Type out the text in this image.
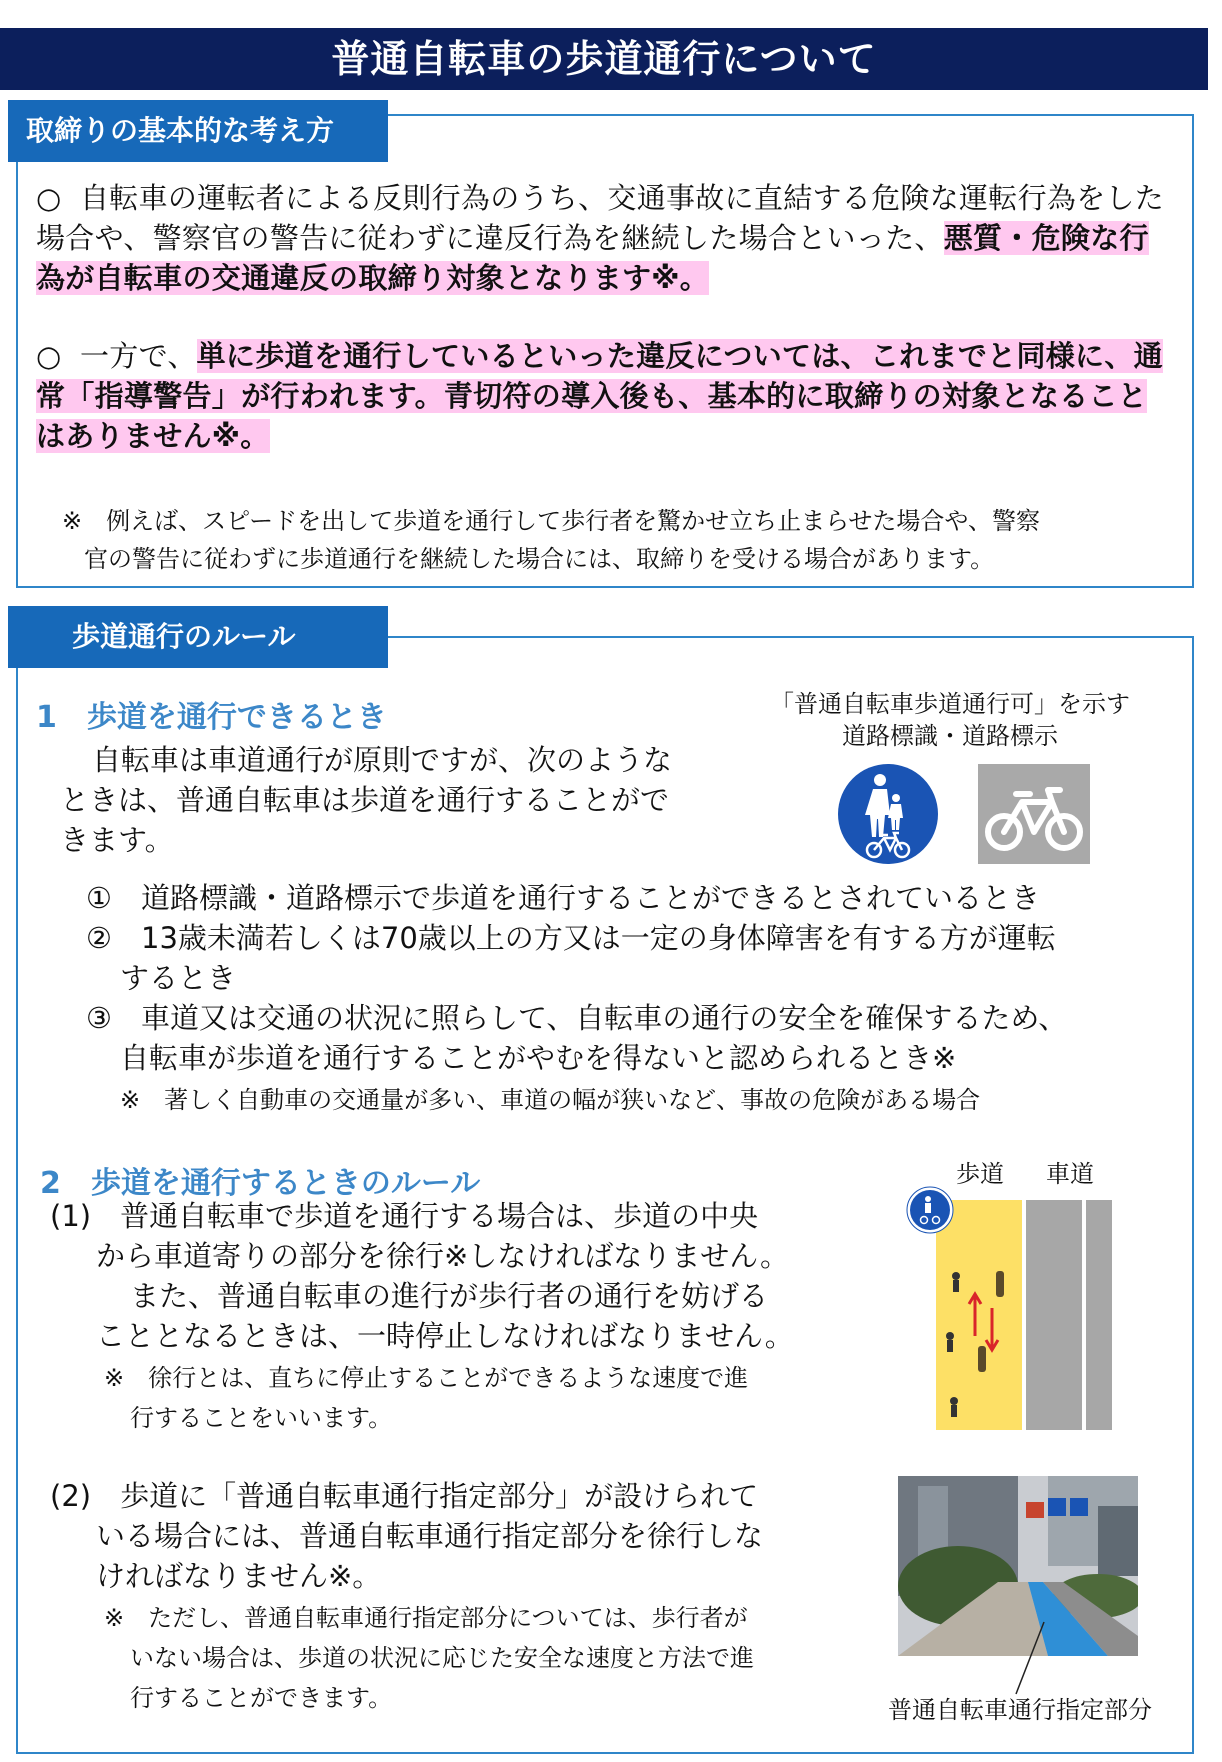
普通自転車の歩道通行について
取締りの基本的な考え方
○ 自転車の運転者による反則行為のうち、交通事故に直結する危険な運転行為をした場合や、警察官の警告に従わずに違反行為を継続した場合といった、悪質・危険な行為が自転車の交通違反の取締り対象となります※。
○ 一方で、単に歩道を通行しているといった違反については、これまでと同様に、通常「指導警告」が行われます。青切符の導入後も、基本的に取締りの対象となることはありません※。
※　例えば、スピードを出して歩道を通行して歩行者を驚かせ立ち止まらせた場合や、警察
官の警告に従わずに歩道通行を継続した場合には、取締りを受ける場合があります。
歩道通行のルール
1　歩道を通行できるとき
自転車は車道通行が原則ですが、次のような
ときは、普通自転車は歩道を通行することがで
きます。
「普通自転車歩道通行可」を示す
道路標識・道路標示
①　道路標識・道路標示で歩道を通行することができるとされているとき
②　13歳未満若しくは70歳以上の方又は一定の身体障害を有する方が運転
するとき
③　車道又は交通の状況に照らして、自転車の通行の安全を確保するため、
自転車が歩道を通行することがやむを得ないと認められるとき※
※　著しく自動車の交通量が多い、車道の幅が狭いなど、事故の危険がある場合
2　歩道を通行するときのルール	歩道	車道
(1)　普通自転車で歩道を通行する場合は、歩道の中央
から車道寄りの部分を徐行※しなければなりません。
また、普通自転車の進行が歩行者の通行を妨げる
こととなるときは、一時停止しなければなりません。
※　徐行とは、直ちに停止することができるような速度で進
行することをいいます。
(2)　歩道に「普通自転車通行指定部分」が設けられて
いる場合には、普通自転車通行指定部分を徐行しな
ければなりません※。
※　ただし、普通自転車通行指定部分については、歩行者が
いない場合は、歩道の状況に応じた安全な速度と方法で進
行することができます。	普通自転車通行指定部分
